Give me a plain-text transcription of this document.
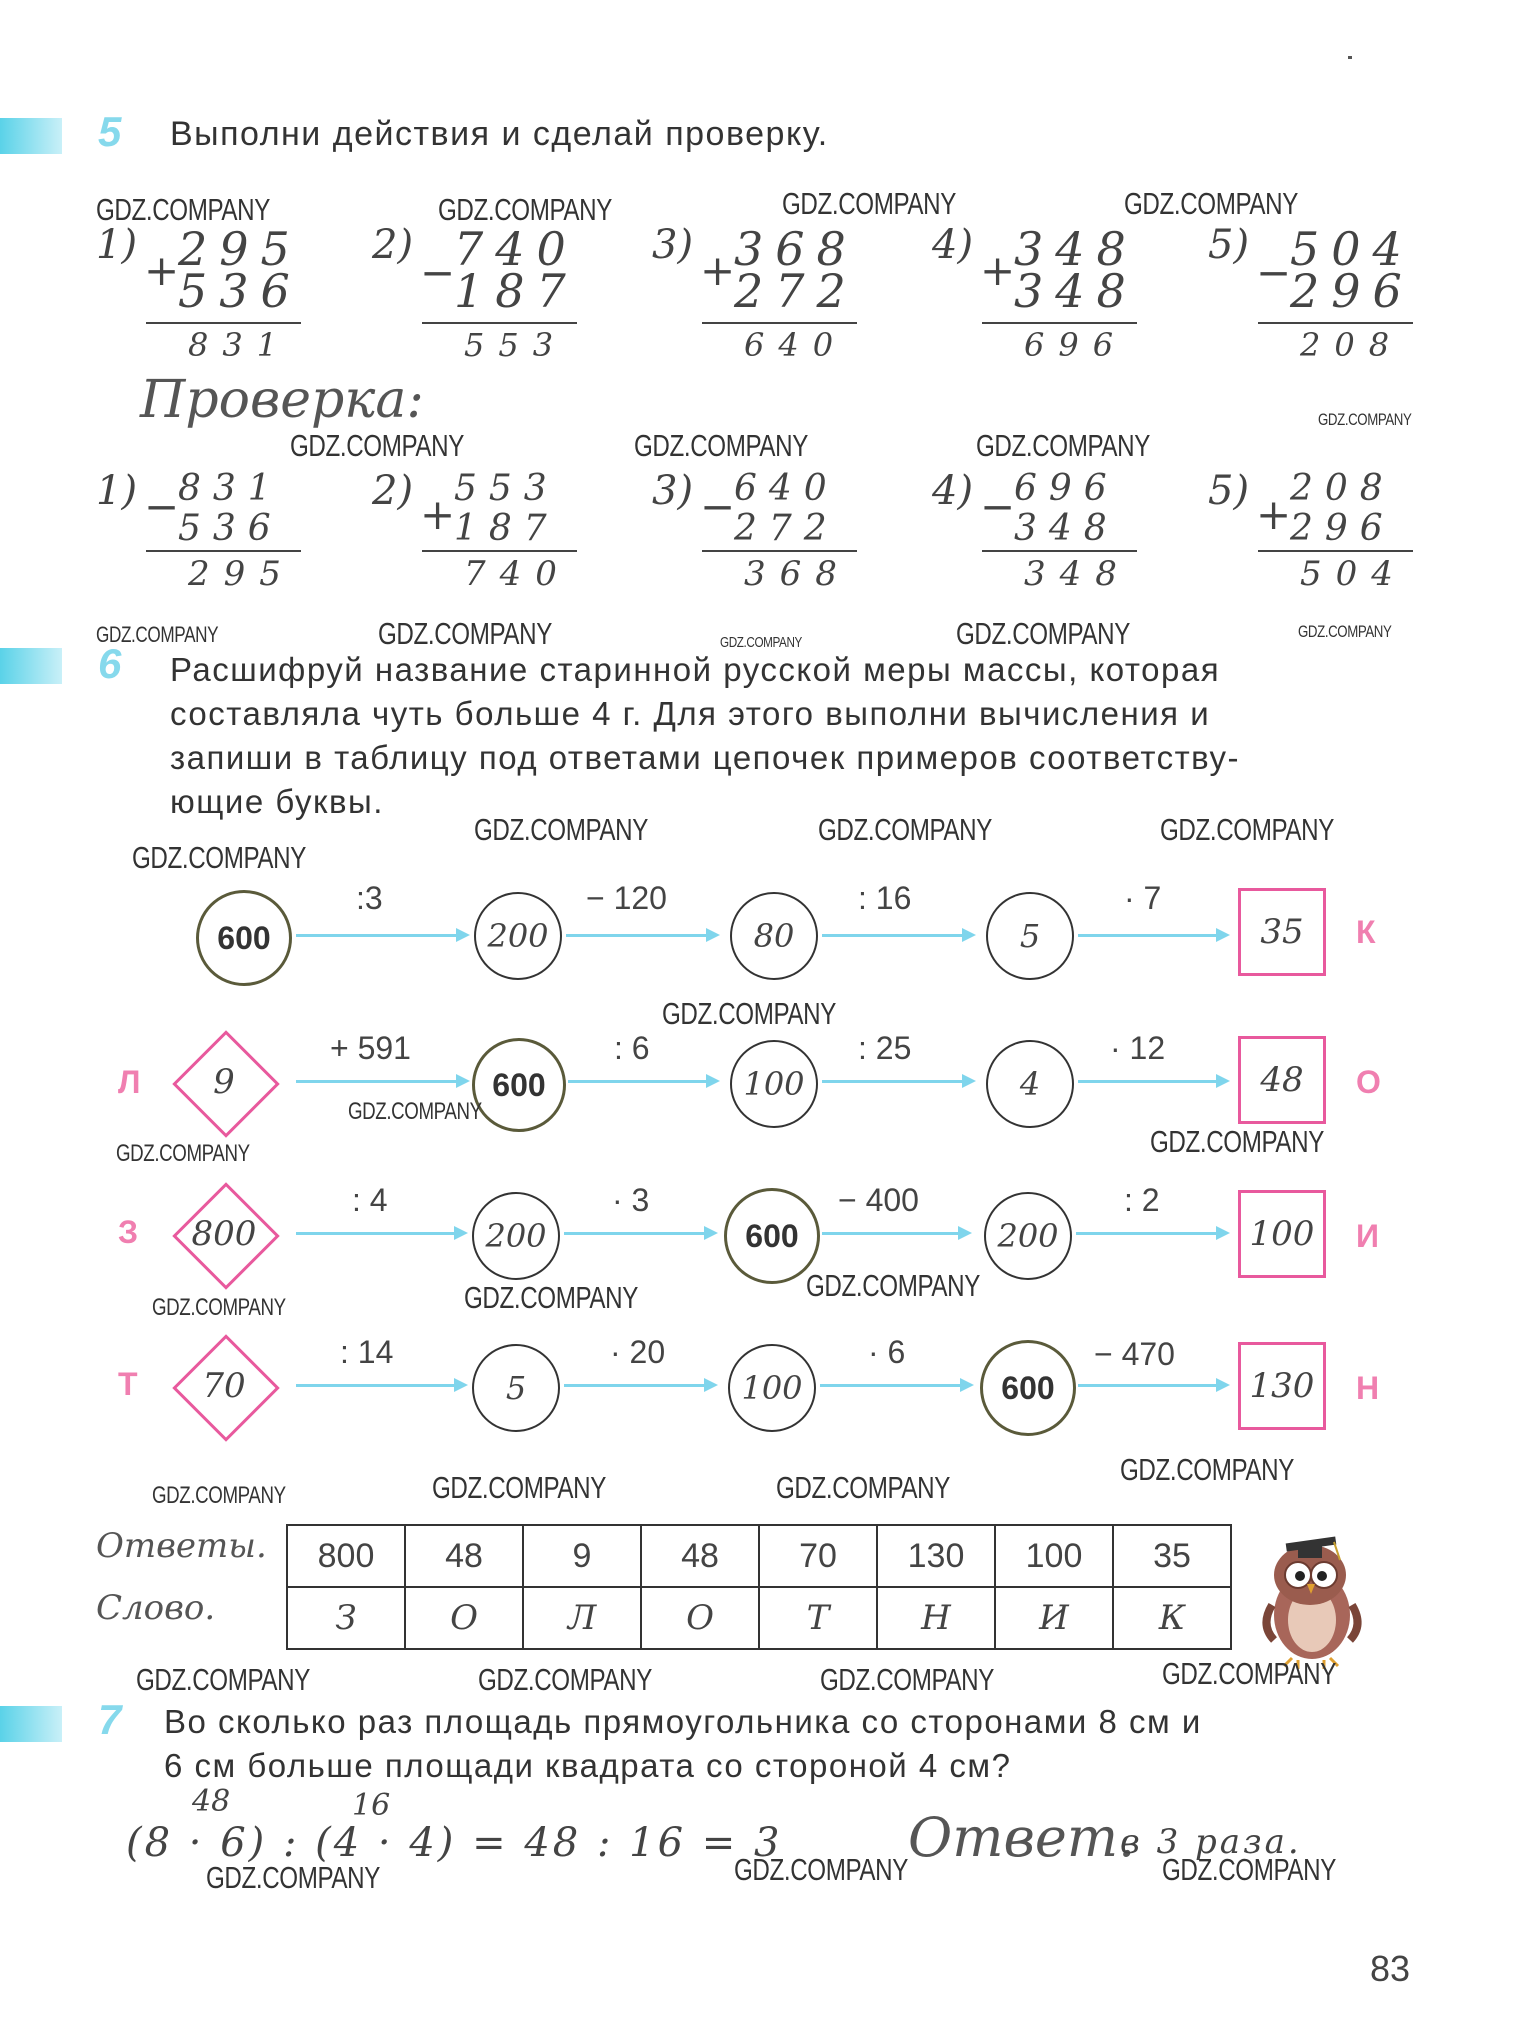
5 Выполни действия и сделай проверку.
GDZ.COMPANY	GDZ.COMPANY	GDZ.COMPANY	GDZ.COMPANY
1)
+
295
536
831
2)
−
740
187
553
3)
+
368
272
640
4)
+
348
348
696
5)
−
504
296
208
Проверка:
GDZ.COMPANY	GDZ.COMPANY	GDZ.COMPANY
GDZ.COMPANY
1) −
831
536
295
2) +
553
187
740
3) −
640
272
368
4) −
696
348
348
5) +
208
296
504
GDZ.COMPANY	GDZ.COMPANY	GDZ.COMPANY	GDZ.COMPANY	GDZ.COMPANY
6 Расшифруй название старинной русской меры массы, которая
составляла чуть больше 4 г. Для этого выполни вычисления и
запиши в таблицу под ответами цепочек примеров соответству-
ющие буквы.
GDZ.COMPANY
GDZ.COMPANY	GDZ.COMPANY	GDZ.COMPANY
600
:3
200
− 120
80
: 16
5
· 7
35 К
GDZ.COMPANY
Л	9
+ 591
600
: 6
100
: 25
4
· 12
48 О
GDZ.COMPANY
GDZ.COMPANY	GDZ.COMPANY
З	800
: 4
200
· 3
600
− 400
200
: 2
100 И
GDZ.COMPANY
GDZ.COMPANY	GDZ.COMPANY
Т	70
: 14
5
· 20
100
· 6
600
− 470
130 Н
GDZ.COMPANY
GDZ.COMPANY	GDZ.COMPANY	GDZ.COMPANY
Ответы.
Слово.
800	48	9	48	70	130	100	35
З	О	Л	О	Т	Н	И	К
GDZ.COMPANY	GDZ.COMPANY	GDZ.COMPANY	GDZ.COMPANY
7 Во сколько раз площадь прямоугольника со сторонами 8 см и
6 см больше площади квадрата со стороной 4 см?
48	16
(8 · 6) : (4 · 4) = 48 : 16 = 3 Ответ.
в 3 раза.
GDZ.COMPANY	GDZ.COMPANY	GDZ.COMPANY
83
